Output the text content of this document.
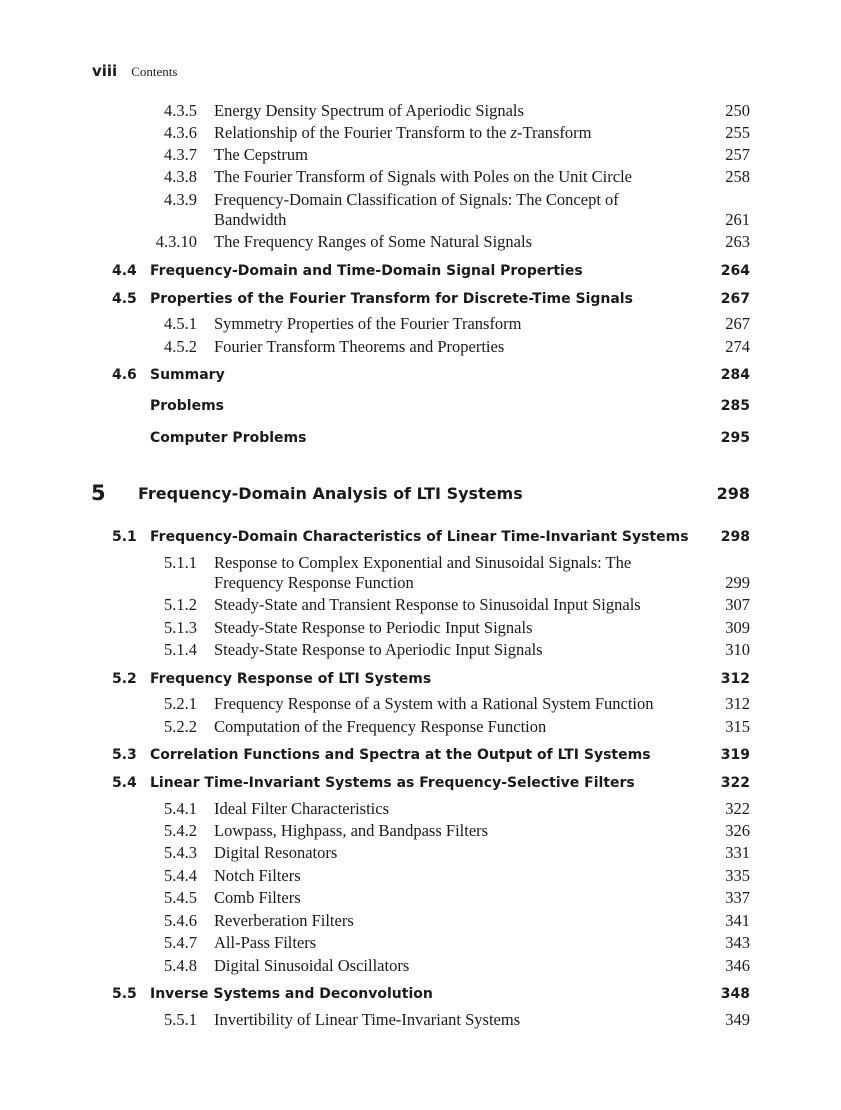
viii Contents
4.3.5 Energy Density Spectrum of Aperiodic Signals	250
4.3.6 Relationship of the Fourier Transform to the z-Transform	255
4.3.7 The Cepstrum	257
4.3.8 The Fourier Transform of Signals with Poles on the Unit Circle	258
4.3.9 Frequency-Domain Classification of Signals: The Concept of
Bandwidth	261
4.3.10 The Frequency Ranges of Some Natural Signals	263
4.4 Frequency-Domain and Time-Domain Signal Properties	264
4.5 Properties of the Fourier Transform for Discrete-Time Signals	267
4.5.1 Symmetry Properties of the Fourier Transform	267
4.5.2 Fourier Transform Theorems and Properties	274
4.6 Summary	284
Problems	285
Computer Problems	295
5 Frequency-Domain Analysis of LTI Systems	298
5.1 Frequency-Domain Characteristics of Linear Time-Invariant Systems 298
5.1.1 Response to Complex Exponential and Sinusoidal Signals: The
Frequency Response Function	299
5.1.2 Steady-State and Transient Response to Sinusoidal Input Signals	307
5.1.3 Steady-State Response to Periodic Input Signals	309
5.1.4 Steady-State Response to Aperiodic Input Signals	310
5.2 Frequency Response of LTI Systems	312
5.2.1 Frequency Response of a System with a Rational System Function	312
5.2.2 Computation of the Frequency Response Function	315
5.3 Correlation Functions and Spectra at the Output of LTI Systems	319
5.4 Linear Time-Invariant Systems as Frequency-Selective Filters	322
5.4.1 Ideal Filter Characteristics	322
5.4.2 Lowpass, Highpass, and Bandpass Filters	326
5.4.3 Digital Resonators	331
5.4.4 Notch Filters	335
5.4.5 Comb Filters	337
5.4.6 Reverberation Filters	341
5.4.7 All-Pass Filters	343
5.4.8 Digital Sinusoidal Oscillators	346
5.5 Inverse Systems and Deconvolution	348
5.5.1 Invertibility of Linear Time-Invariant Systems	349
